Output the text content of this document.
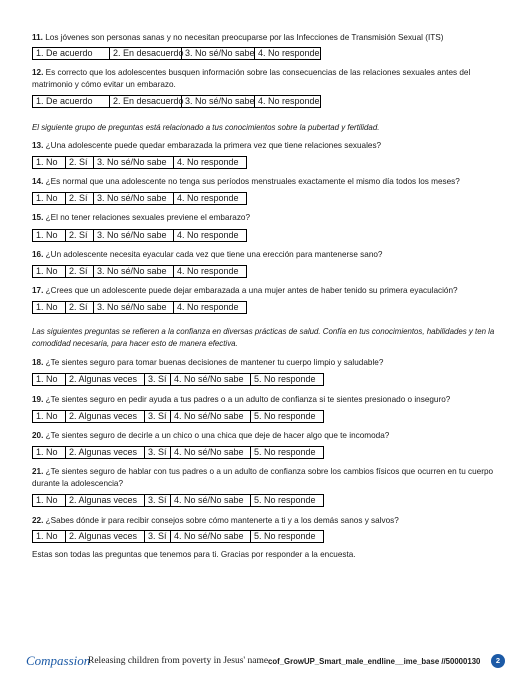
11. Los jóvenes son personas sanas y no necesitan preocuparse por las Infecciones de Transmisión Sexual (ITS)

1. De acuerdo	2. En desacuerdo 3. No sé/No sabe 4. No responde

12. Es correcto que los adolescentes busquen información sobre las consecuencias de las relaciones sexuales antes del matrimonio y cómo evitar un embarazo.

1. De acuerdo	2. En desacuerdo 3. No sé/No sabe 4. No responde

El siguiente grupo de preguntas está relacionado a tus conocimientos sobre la pubertad y fertilidad.

13. ¿Una adolescente puede quedar embarazada la primera vez que tiene relaciones sexuales?

1. No	2. Sí	3. No sé/No sabe	4. No responde

14. ¿Es normal que una adolescente no tenga sus períodos menstruales exactamente el mismo día todos los meses?

1. No	2. Sí	3. No sé/No sabe	4. No responde

15. ¿El no tener relaciones sexuales previene el embarazo?

1. No	2. Sí	3. No sé/No sabe	4. No responde

16. ¿Un adolescente necesita eyacular cada vez que tiene una erección para mantenerse sano?

1. No	2. Sí	3. No sé/No sabe	4. No responde

17. ¿Crees que un adolescente puede dejar embarazada a una mujer antes de haber tenido su primera eyaculación?

1. No	2. Sí	3. No sé/No sabe	4. No responde

Las siguientes preguntas se refieren a la confianza en diversas prácticas de salud. Confía en tus conocimientos, habilidades y ten la comodidad necesaria, para hacer esto de manera efectiva.

18. ¿Te sientes seguro para tomar buenas decisiones de mantener tu cuerpo limpio y saludable?

1. No	2. Algunas veces	3. Sí 4. No sé/No sabe	5. No responde

19. ¿Te sientes seguro en pedir ayuda a tus padres o a un adulto de confianza si te sientes presionado o inseguro?

1. No	2. Algunas veces	3. Sí 4. No sé/No sabe	5. No responde

20. ¿Te sientes seguro de decirle a un chico o una chica que deje de hacer algo que te incomoda?

1. No	2. Algunas veces	3. Sí 4. No sé/No sabe	5. No responde

21. ¿Te sientes seguro de hablar con tus padres o a un adulto de confianza sobre los cambios físicos que ocurren en tu cuerpo durante la adolescencia?

1. No	2. Algunas veces	3. Sí 4. No sé/No sabe	5. No responde

22. ¿Sabes dónde ir para recibir consejos sobre cómo mantenerte a ti y a los demás sanos y salvos?

1. No	2. Algunas veces	3. Sí 4. No sé/No sabe	5. No responde

Estas son todas las preguntas que tenemos para ti. Gracias por responder a la encuesta.

Compassion
Releasing children from poverty in Jesus' name cof_GrowUP_Smart_male_endline__ime_base //50000130	2
